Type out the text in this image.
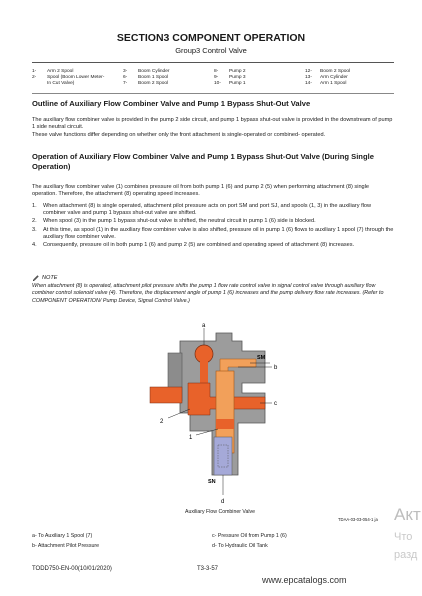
SECTION3 COMPONENT OPERATION
Group3 Control Valve
1- Arm 2 Spool
2- Spool (Boom Lower Meter-In Cut Valve)
3- Boom Cylinder
6- Boom 1 Spool
7- Boom 2 Spool
8- Pump 2
9- Pump 3
10- Pump 1
12- Boom 2 Spool
13- Arm Cylinder
14- Arm 1 Spool
Outline of Auxiliary Flow Combiner Valve and Pump 1 Bypass Shut-Out Valve
The auxiliary flow combiner valve is provided in the pump 2 side circuit, and pump 1 bypass shut-out valve is provided in the downstream of pump 1 side neutral circuit.
These valve functions differ depending on whether only the front attachment is single-operated or combined- operated.
Operation of Auxiliary Flow Combiner Valve and Pump 1 Bypass Shut-Out Valve (During Single Operation)
The auxiliary flow combiner valve (1) combines pressure oil from both pump 1 (6) and pump 2 (5) when performing attachment (8) single operation. Therefore, the attachment (8) operating speed increases.
1. When attachment (8) is single operated, attachment pilot pressure acts on port SM and port SJ, and spools (1, 3) in the auxiliary flow combiner valve and pump 1 bypass shut-out valve are shifted.
2. When spool (3) in the pump 1 bypass shut-out valve is shifted, the neutral circuit in pump 1 (6) side is blocked.
3. At this time, as spool (1) in the auxiliary flow combiner valve is also shifted, pressure oil in pump 1 (6) flows to auxiliary 1 spool (7) through the auxiliary flow combiner valve.
4. Consequently, pressure oil in both pump 1 (6) and pump 2 (5) are combined and operating speed of attachment (8) increases.
NOTE
When attachment (8) is operated, attachment pilot pressure shifts the pump 1 flow rate control valve in signal control valve through auxiliary flow combiner control solenoid valve (4). Therefore, the displacement angle of pump 1 (6) increases and the pump delivery flow rate increases. (Refer to COMPONENT OPERATION/ Pump Device, Signal Control Valve.)
a
SM
b
c
2
1
SN
d
Auxiliary Flow Combiner Valve
TDAA-03-03-054-1 ja
a- To Auxiliary 1 Spool (7)
b- Attachment Pilot Pressure
c- Pressure Oil from Pump 1 (6)
d- To Hydraulic Oil Tank
TODD750-EN-00(10/01/2020)	T3-3-57
www.epcatalogs.com
Акт
Что
разд
